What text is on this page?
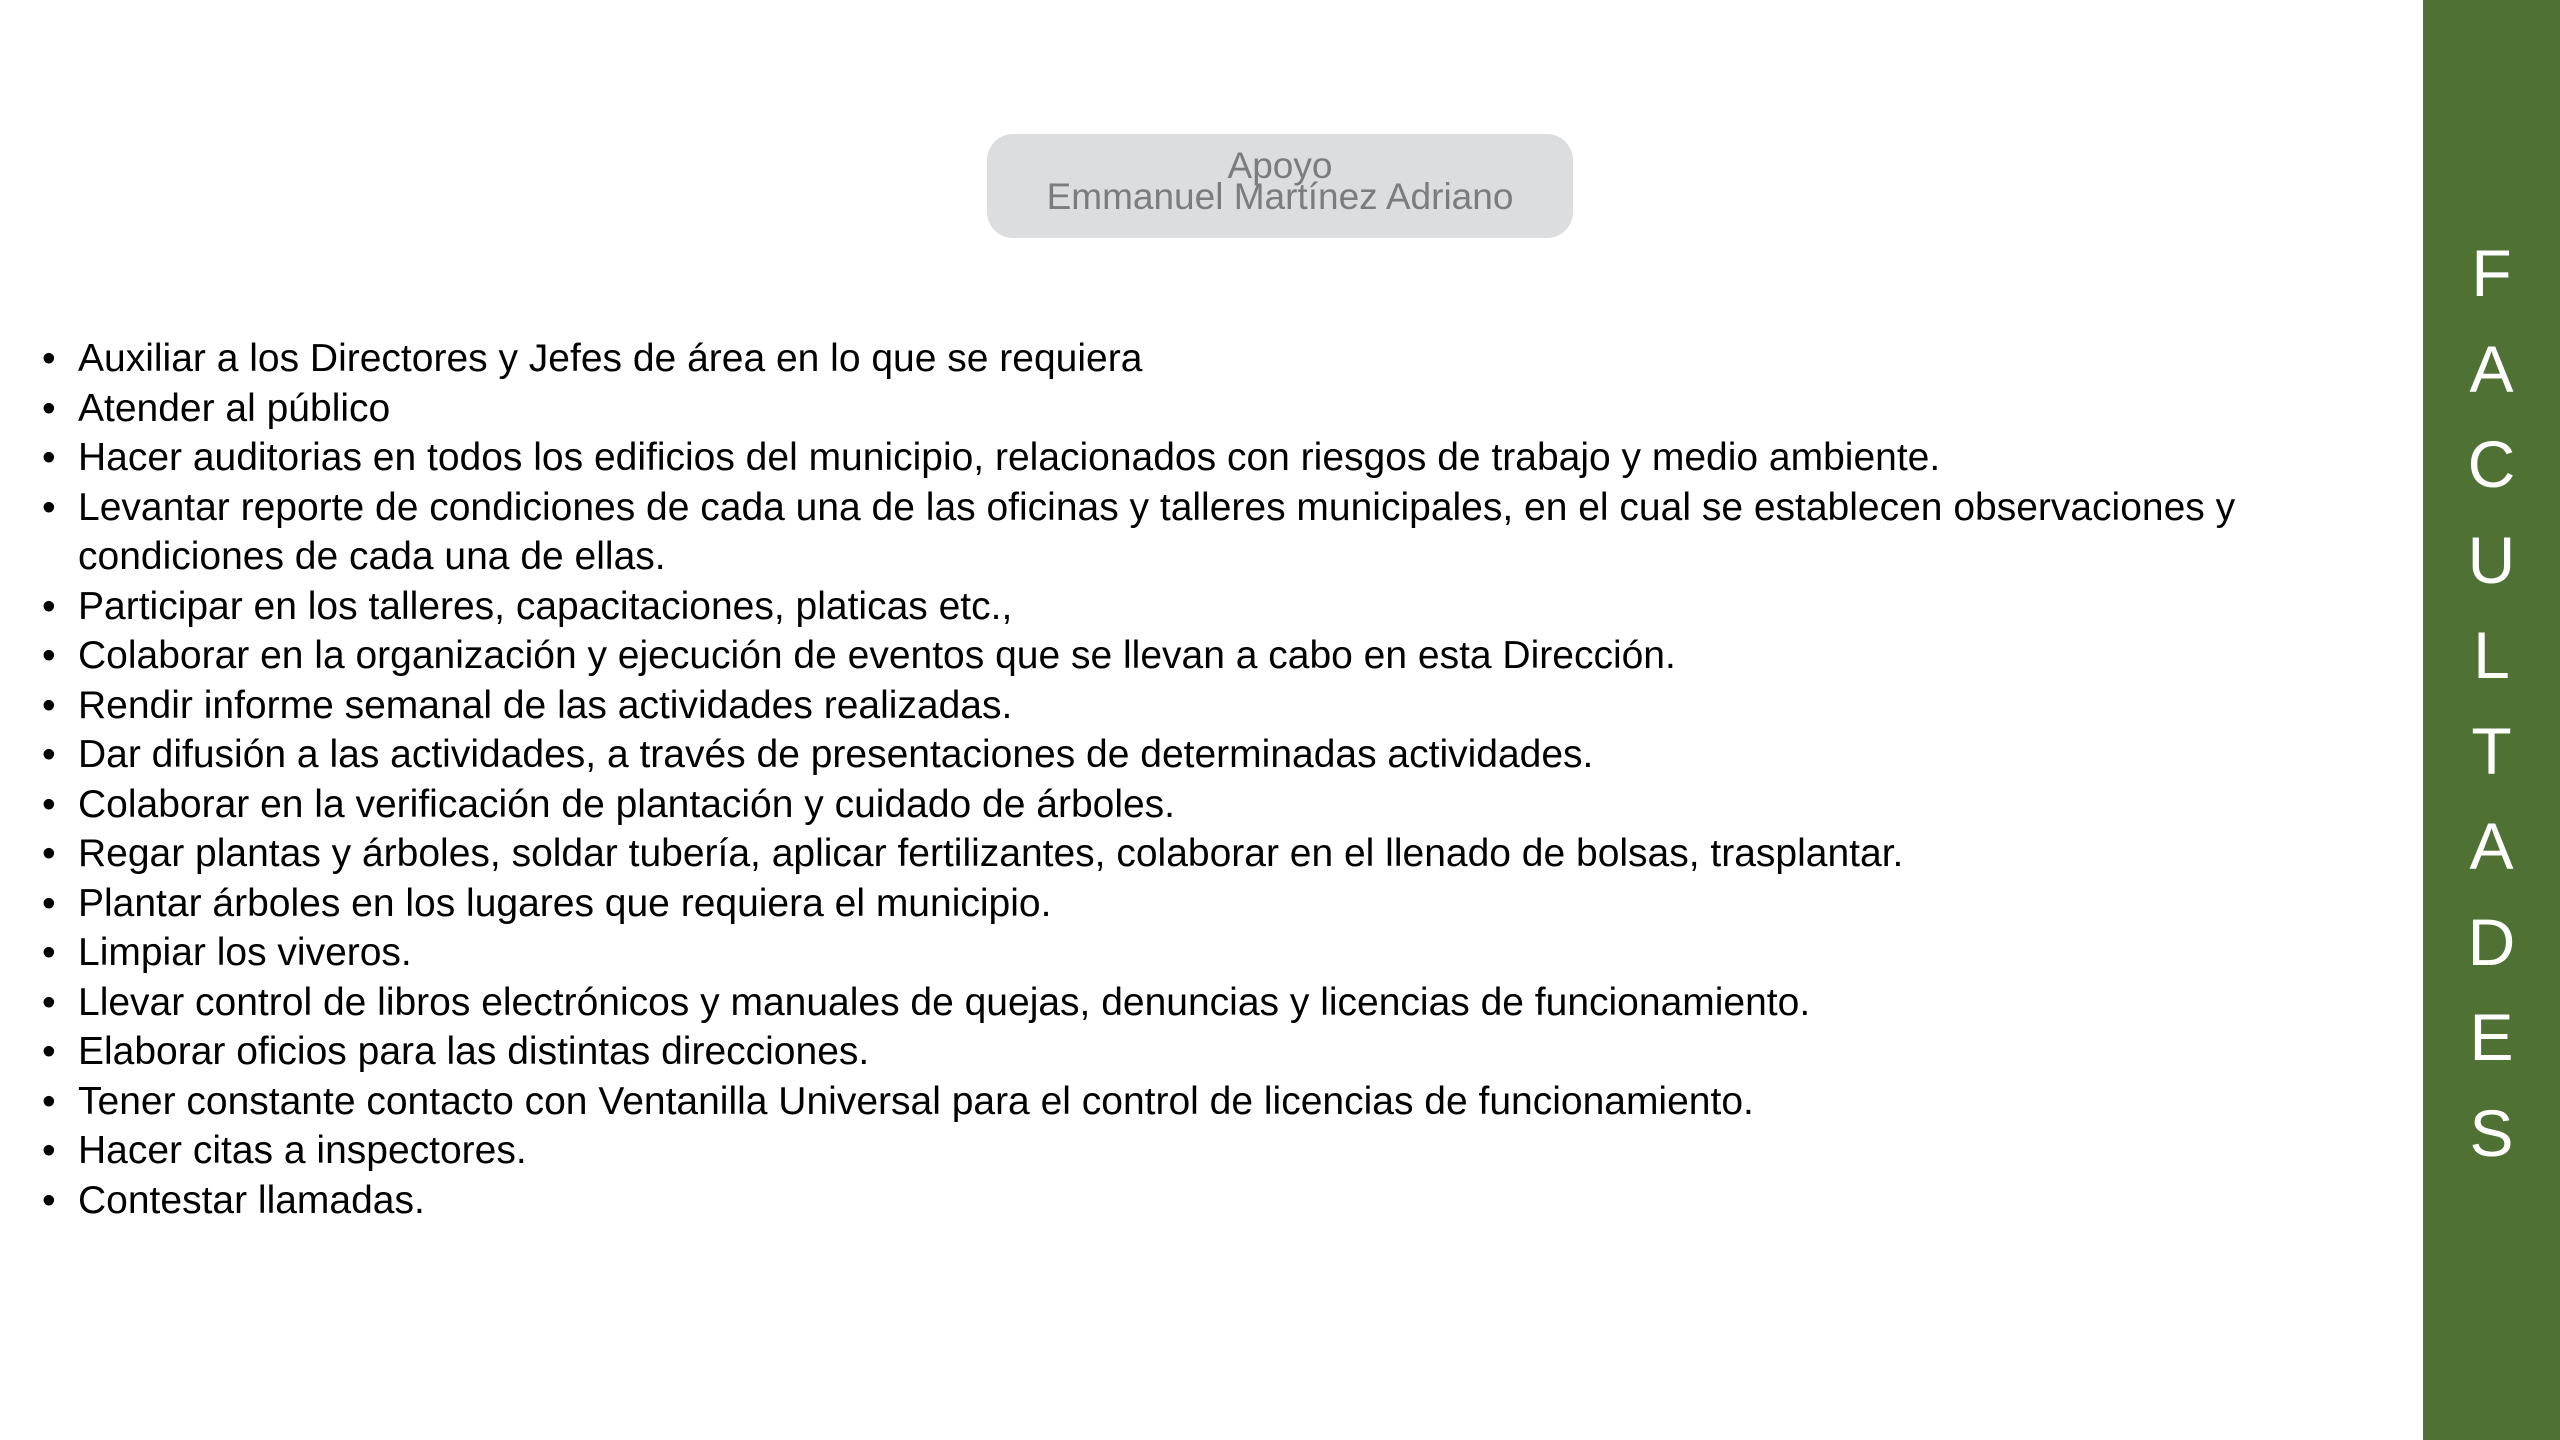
Apoyo
Emmanuel Martínez Adriano
• Auxiliar a los Directores y Jefes de área en lo que se requiera
• Atender al público
• Hacer auditorias en todos los edificios del municipio, relacionados con riesgos de trabajo y medio ambiente.
• Levantar reporte de condiciones de cada una de las oficinas y talleres municipales, en el cual se establecen observaciones y condiciones de cada una de ellas.
• Participar en los talleres, capacitaciones, platicas etc.,
• Colaborar en la organización y ejecución de eventos que se llevan a cabo en esta Dirección.
• Rendir informe semanal de las actividades realizadas.
• Dar difusión a las actividades, a través de presentaciones de determinadas actividades.
• Colaborar en la verificación de plantación y cuidado de árboles.
• Regar plantas y árboles, soldar tubería, aplicar fertilizantes, colaborar en el llenado de bolsas, trasplantar.
• Plantar árboles en los lugares que requiera el municipio.
• Limpiar los viveros.
• Llevar control de libros electrónicos y manuales de quejas, denuncias y licencias de funcionamiento.
• Elaborar oficios para las distintas direcciones.
• Tener constante contacto con Ventanilla Universal para el control de licencias de funcionamiento.
• Hacer citas a inspectores.
• Contestar llamadas.
F
A
C
U
L
T
A
D
E
S
